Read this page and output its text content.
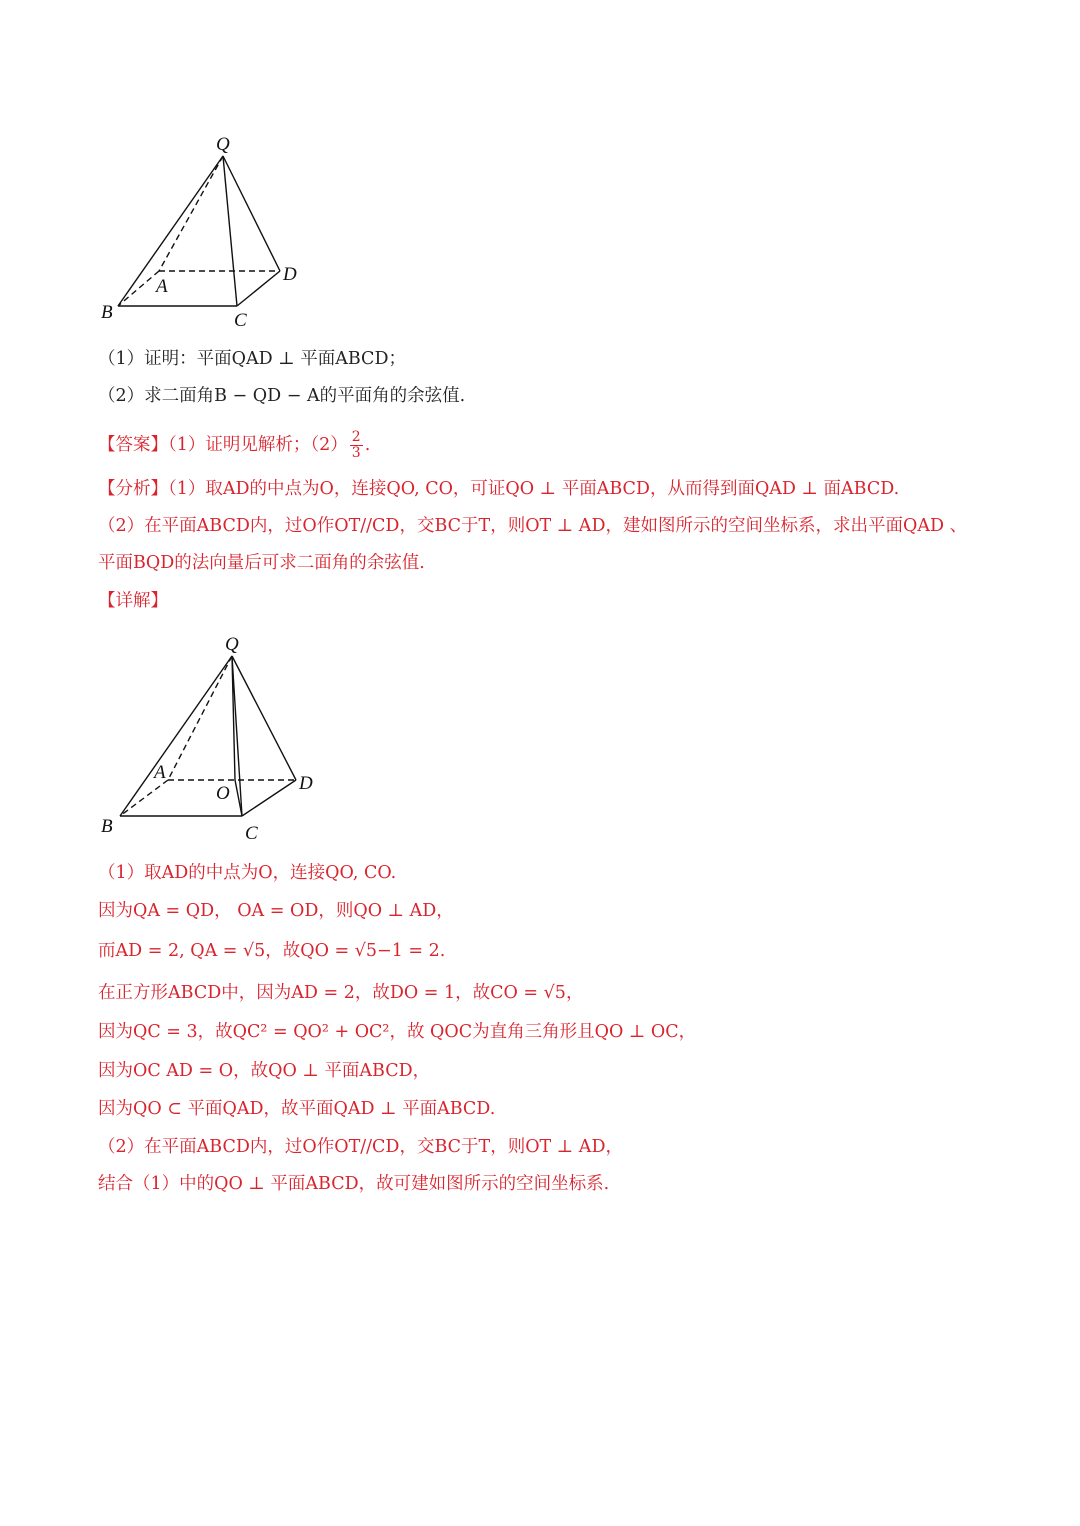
Q
A
B	C
D
（1）证明：平面QAD ⊥ 平面ABCD；
（2）求二面角B − QD − A的平面角的余弦值.
【答案】（1）证明见解析；$(2) \frac{2}{3}$ .
【分析】（1）取AD的中点为O，连接QO, CO，可证QO ⊥ 平面ABCD，从而得到面QAD ⊥ 面ABCD.
（2）在平面ABCD内，过O作OT//CD，交BC于T，则OT ⊥ AD，建如图所示的空间坐标系，求出平面QAD 、
平面BQD的法向量后可求二面角的余弦值.
【详解】
Q
A
O
B	C
D
（1）取AD的中点为O，连接QO, CO.
因为QA = QD， OA = OD，则QO ⊥ AD，
而AD = 2, QA = √5，故QO = √5−1 = 2.
在正方形ABCD中，因为AD = 2，故DO = 1，故CO = √5，
因为QC = 3，故QC² = QO² + OC²，故 QOC为直角三角形且QO ⊥ OC，
因为OC AD = O，故QO ⊥ 平面ABCD，
因为QO ⊂ 平面QAD，故平面QAD ⊥ 平面ABCD.
（2）在平面ABCD内，过O作OT//CD，交BC于T，则OT ⊥ AD，
结合（1）中的QO ⊥ 平面ABCD，故可建如图所示的空间坐标系.
